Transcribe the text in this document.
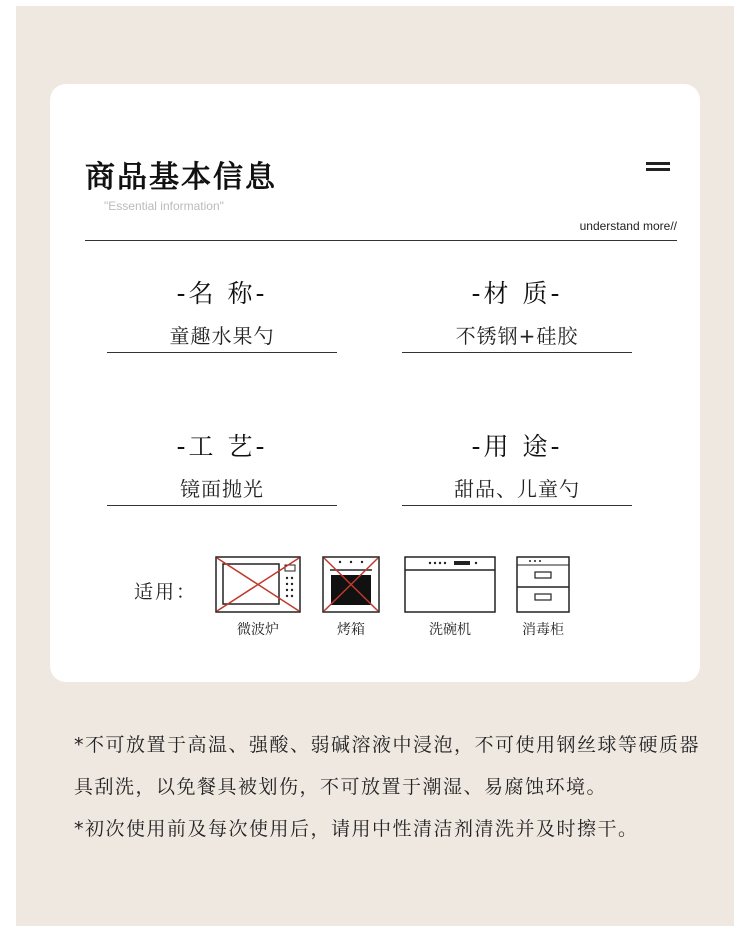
商品基本信息
"Essential information"
understand more//
-名 称-
童趣水果勺
-材 质-
不锈钢+硅胶
-工 艺-
镜面抛光
-用 途-
甜品、儿童勺
适用：
微波炉	烤箱	洗碗机	消毒柜

*不可放置于高温、强酸、弱碱溶液中浸泡，不可使用钢丝球等硬质器具刮洗，以免餐具被划伤，不可放置于潮湿、易腐蚀环境。

*初次使用前及每次使用后，请用中性清洁剂清洗并及时擦干。
